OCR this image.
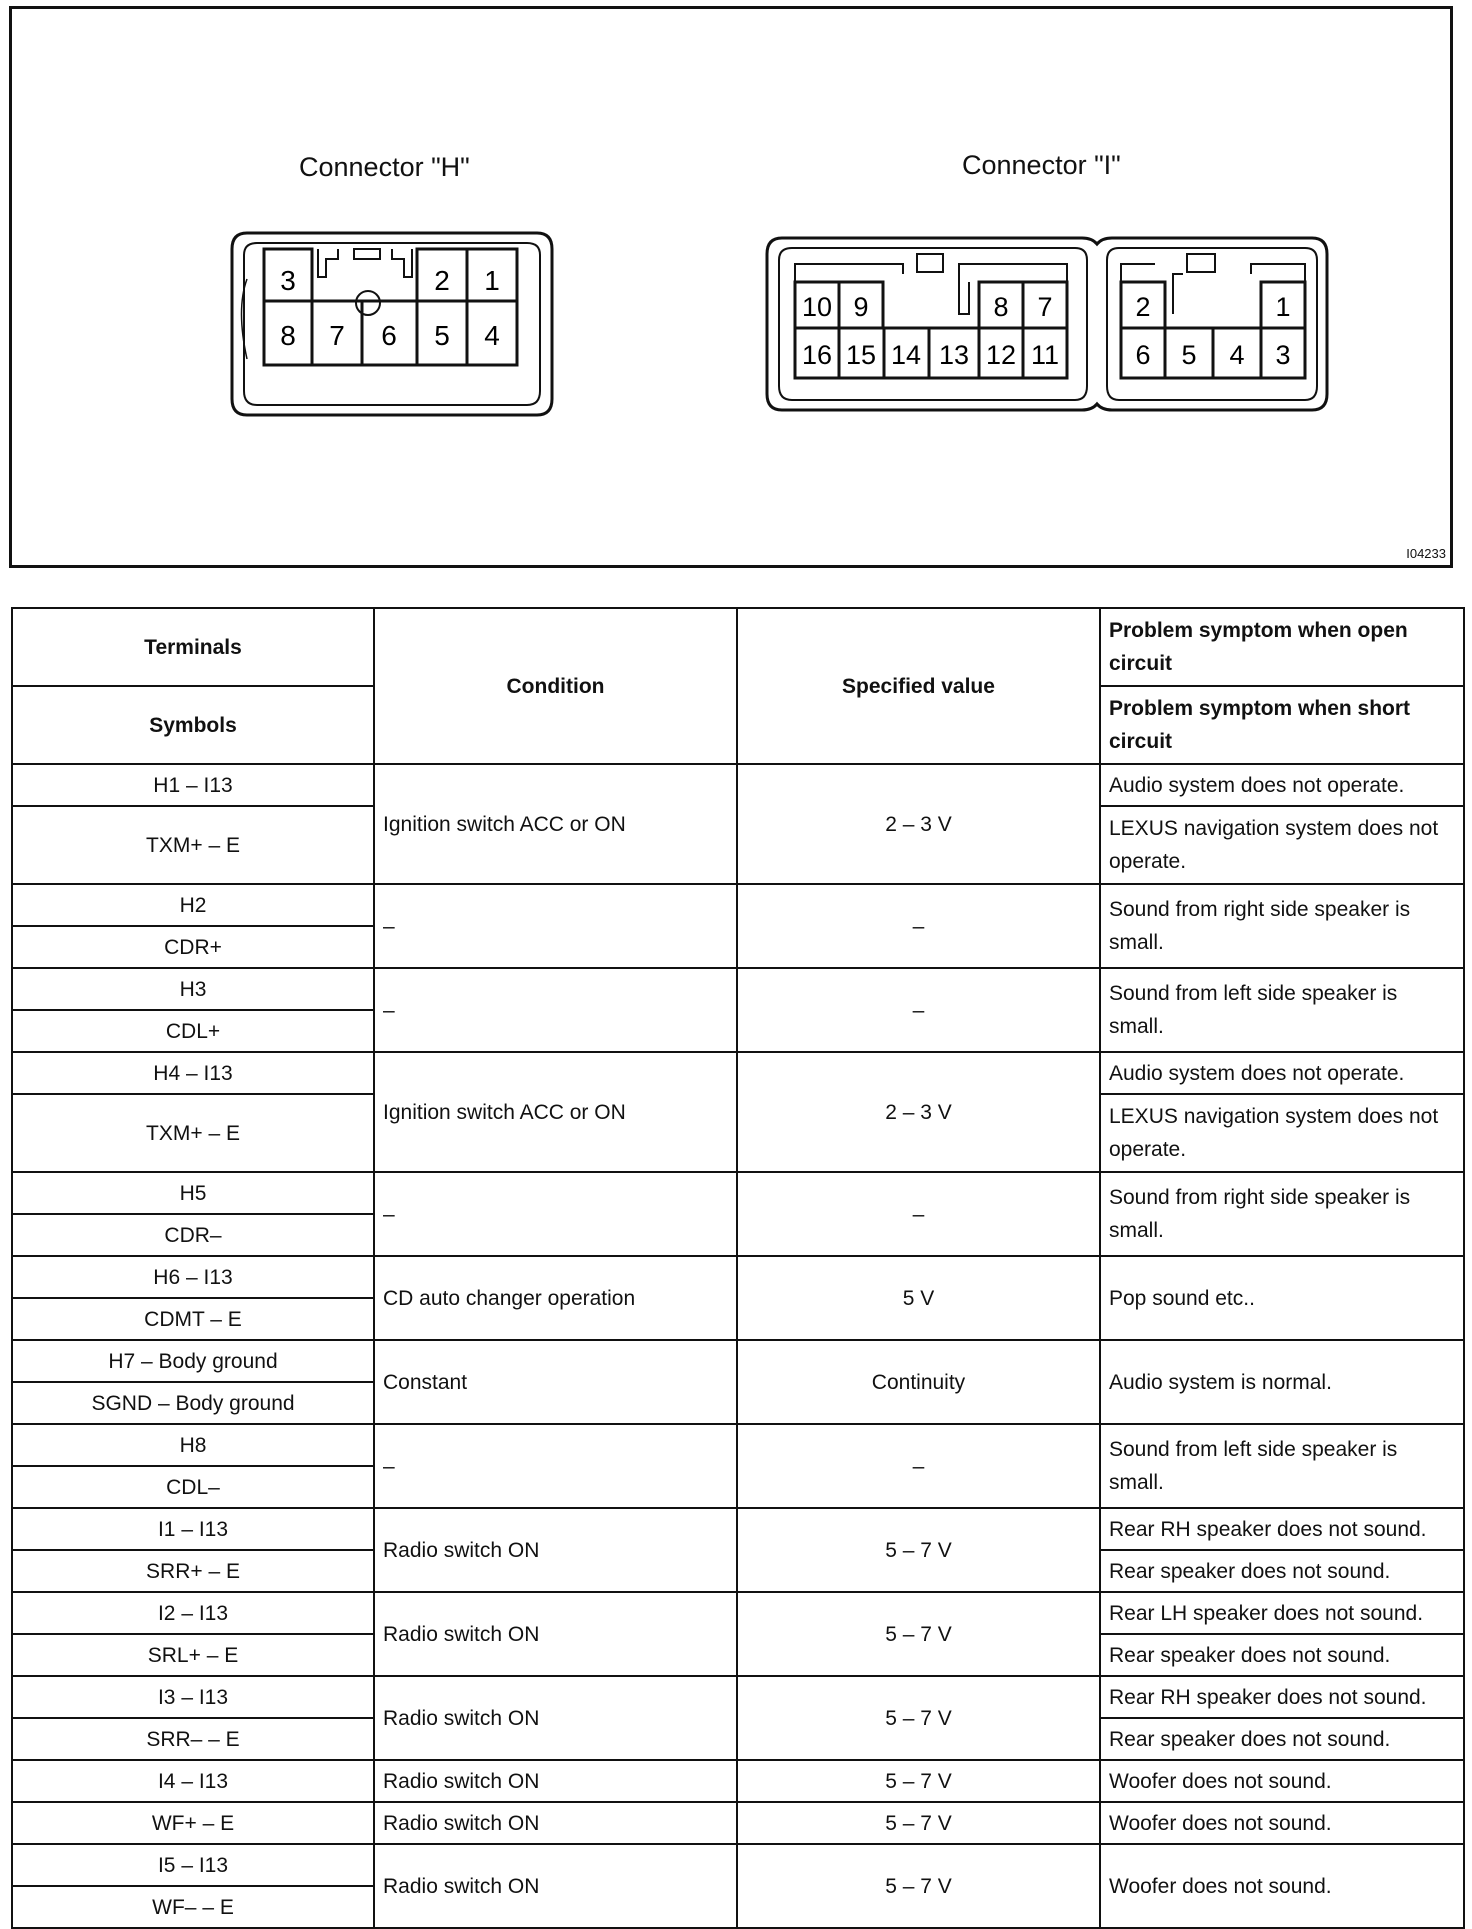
Connector "H"	Connector "I"
3	2 1
8 7 6 5 4
10 9	8 7
16 15 14 13 12 11
2	1
6 5 4 3
I04233
Terminals	Condition	Specified value	Problem symptom when open circuit
Symbols			Problem symptom when short circuit
H1 – I13	Ignition switch ACC or ON	2 – 3 V	Audio system does not operate.
TXM+ – E			LEXUS navigation system does not operate.
H2	–	–	Sound from right side speaker is small.
CDR+			
H3	–	–	Sound from left side speaker is small.
CDL+			
H4 – I13	Ignition switch ACC or ON	2 – 3 V	Audio system does not operate.
TXM+ – E			LEXUS navigation system does not operate.
H5	–	–	Sound from right side speaker is small.
CDR–			
H6 – I13	CD auto changer operation	5 V	Pop sound etc..
CDMT – E			
H7 – Body ground	Constant	Continuity	Audio system is normal.
SGND – Body ground			
H8	–	–	Sound from left side speaker is small.
CDL–			
I1 – I13	Radio switch ON	5 – 7 V	Rear RH speaker does not sound.
SRR+ – E			Rear speaker does not sound.
I2 – I13	Radio switch ON	5 – 7 V	Rear LH speaker does not sound.
SRL+ – E			Rear speaker does not sound.
I3 – I13	Radio switch ON	5 – 7 V	Rear RH speaker does not sound.
SRR– – E			Rear speaker does not sound.
I4 – I13	Radio switch ON	5 – 7 V	Woofer does not sound.
WF+ – E	Radio switch ON	5 – 7 V	Woofer does not sound.
I5 – I13	Radio switch ON	5 – 7 V	Woofer does not sound.
WF– – E			
